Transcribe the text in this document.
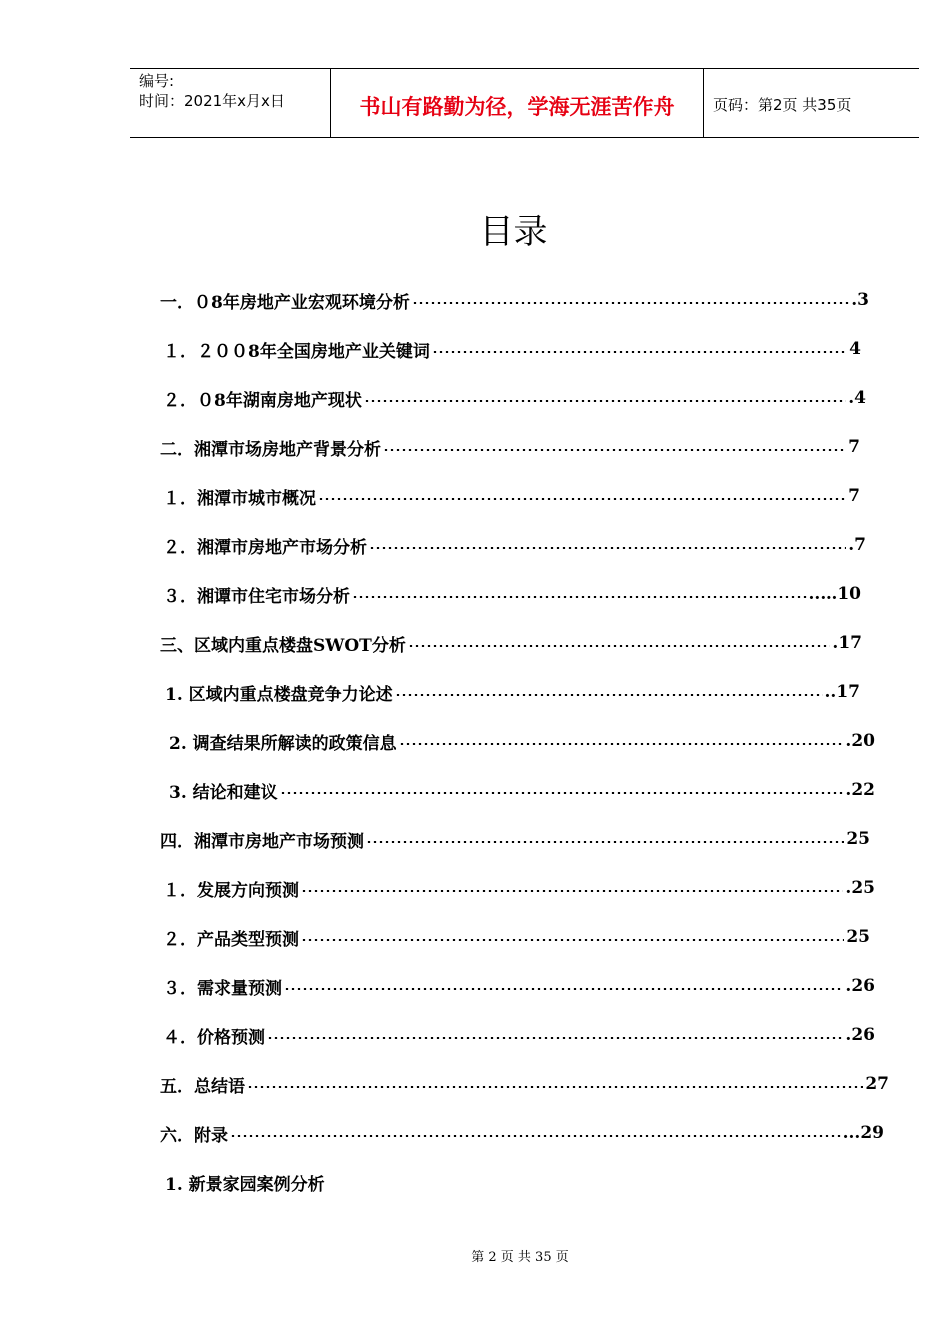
编号:
时间：2021年x月x日	书山有路勤为径，学海无涯苦作舟	页码：第2页 共35页
目录
一．０8年房地产业宏观环境分析	.3
１．２００8年全国房地产业关键词	4
２．０8年湖南房地产现状	.4
二．湘潭市场房地产背景分析	7
１．湘潭市城市概况	7
２．湘潭市房地产市场分析	.7
３．湘谭市住宅市场分析	..…10
三、区域内重点楼盘SWOT分析	.17
1. 区域内重点楼盘竞争力论述	..17
2. 调查结果所解读的政策信息	.20
3. 结论和建议	.22
四．湘潭市房地产市场预测	25
１．发展方向预测	.25
２．产品类型预测	25
３．需求量预测	.26
４．价格预测	.26
五．总结语	27
六．附录	...29
1. 新景家园案例分析
第 2 页 共 35 页
